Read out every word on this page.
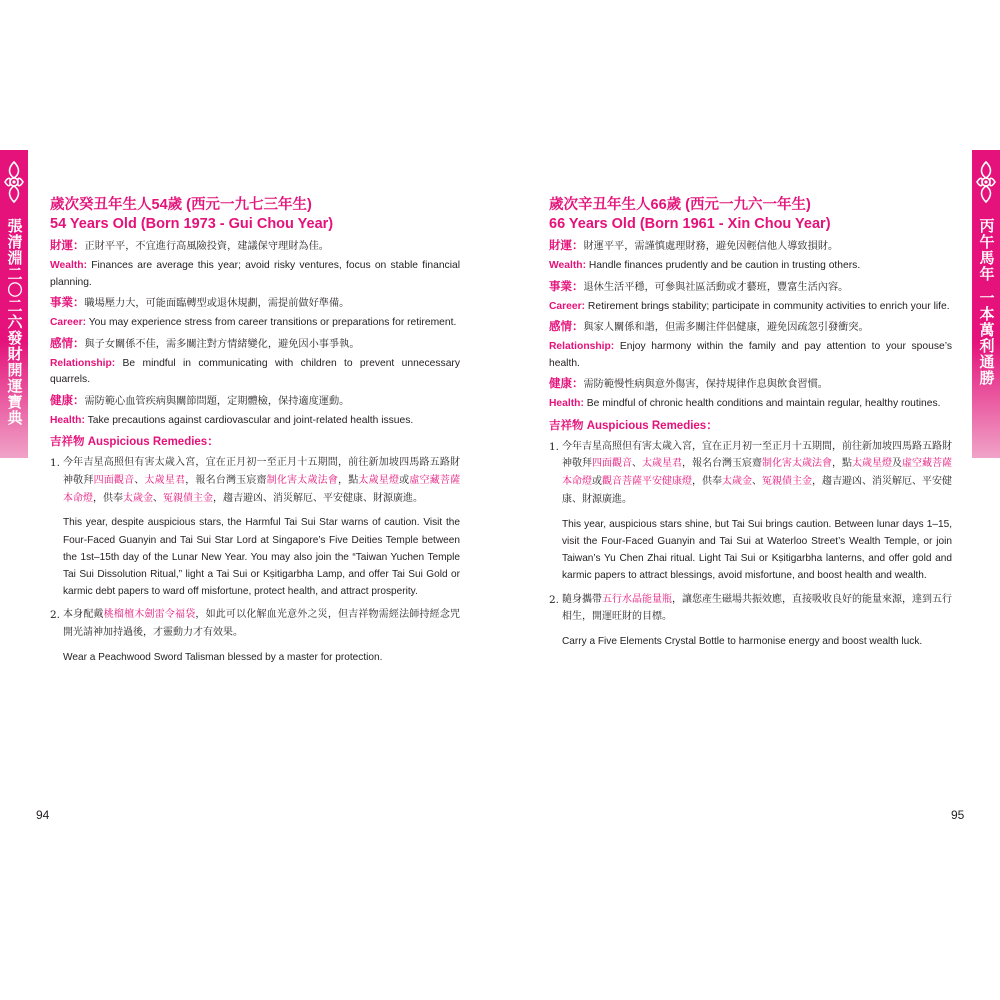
張清淵二〇二六發財開運寶典	丙午馬年
一本萬利通勝
歲次癸丑年生人54歲 (西元一九七三年生)
54 Years Old (Born 1973 - Gui Chou Year)
財運：正財平平，不宜進行高風險投資，建議保守理財為佳。
Wealth: Finances are average this year; avoid risky ventures, focus on stable financial planning.
事業：職場壓力大，可能面臨轉型或退休規劃，需提前做好準備。
Career: You may experience stress from career transitions or preparations for retirement.
感情：與子女關係不佳，需多關注對方情緒變化，避免因小事爭執。
Relationship: Be mindful in communicating with children to prevent unnecessary quarrels.
健康：需防範心血管疾病與關節問題，定期體檢，保持適度運動。
Health: Take precautions against cardiovascular and joint-related health issues.
吉祥物 Auspicious Remedies：
1. 今年吉星高照但有害太歲入宮，宜在正月初一至正月十五期間，前往新加坡四馬路五路財神敬拜四面觀音、太歲星君，報名台灣玉宸齋制化害太歲法會，點太歲星燈或虛空藏菩薩本命燈，供奉太歲金、冤親債主金，趨吉避凶、消災解厄、平安健康、財源廣進。
This year, despite auspicious stars, the Harmful Tai Sui Star warns of caution. Visit the Four-Faced Guanyin and Tai Sui Star Lord at Singapore’s Five Deities Temple between the 1st–15th day of the Lunar New Year. You may also join the “Taiwan Yuchen Temple Tai Sui Dissolution Ritual,” light a Tai Sui or Kṣitigarbha Lamp, and offer Tai Sui Gold or karmic debt papers to ward off misfortune, protect health, and attract prosperity.
2. 本身配戴桃榴檀木劍雷令福袋，如此可以化解血光意外之災，但吉祥物需經法師持經念咒開光請神加持過後，才靈動力才有效果。
Wear a Peachwood Sword Talisman blessed by a master for protection.
歲次辛丑年生人66歲 (西元一九六一年生)
66 Years Old (Born 1961 - Xin Chou Year)
財運：財運平平，需謹慎處理財務，避免因輕信他人導致損財。
Wealth: Handle finances prudently and be caution in trusting others.
事業：退休生活平穩，可參與社區活動或才藝班，豐富生活內容。
Career: Retirement brings stability; participate in community activities to enrich your life.
感情：與家人關係和諧，但需多關注伴侶健康，避免因疏忽引發衝突。
Relationship: Enjoy harmony within the family and pay attention to your spouse’s health.
健康：需防範慢性病與意外傷害，保持規律作息與飲食習慣。
Health: Be mindful of chronic health conditions and maintain regular, healthy routines.
吉祥物 Auspicious Remedies：
1. 今年吉星高照但有害太歲入宮，宜在正月初一至正月十五期間，前往新加坡四馬路五路財神敬拜四面觀音、太歲星君，報名台灣玉宸齋制化害太歲法會，點太歲星燈及虛空藏菩薩本命燈或觀音菩薩平安健康燈，供奉太歲金、冤親債主金，趨吉避凶、消災解厄、平安健康、財源廣進。
This year, auspicious stars shine, but Tai Sui brings caution. Between lunar days 1–15, visit the Four-Faced Guanyin and Tai Sui at Waterloo Street’s Wealth Temple, or join Taiwan’s Yu Chen Zhai ritual. Light Tai Sui or Kṣitigarbha lanterns, and offer gold and karmic papers to attract blessings, avoid misfortune, and boost health and wealth.
2. 隨身攜帶五行水晶能量瓶，讓您產生磁場共振效應，直接吸收良好的能量來源，達到五行相生，開運旺財的目標。
Carry a Five Elements Crystal Bottle to harmonise energy and boost wealth luck.
94	95
